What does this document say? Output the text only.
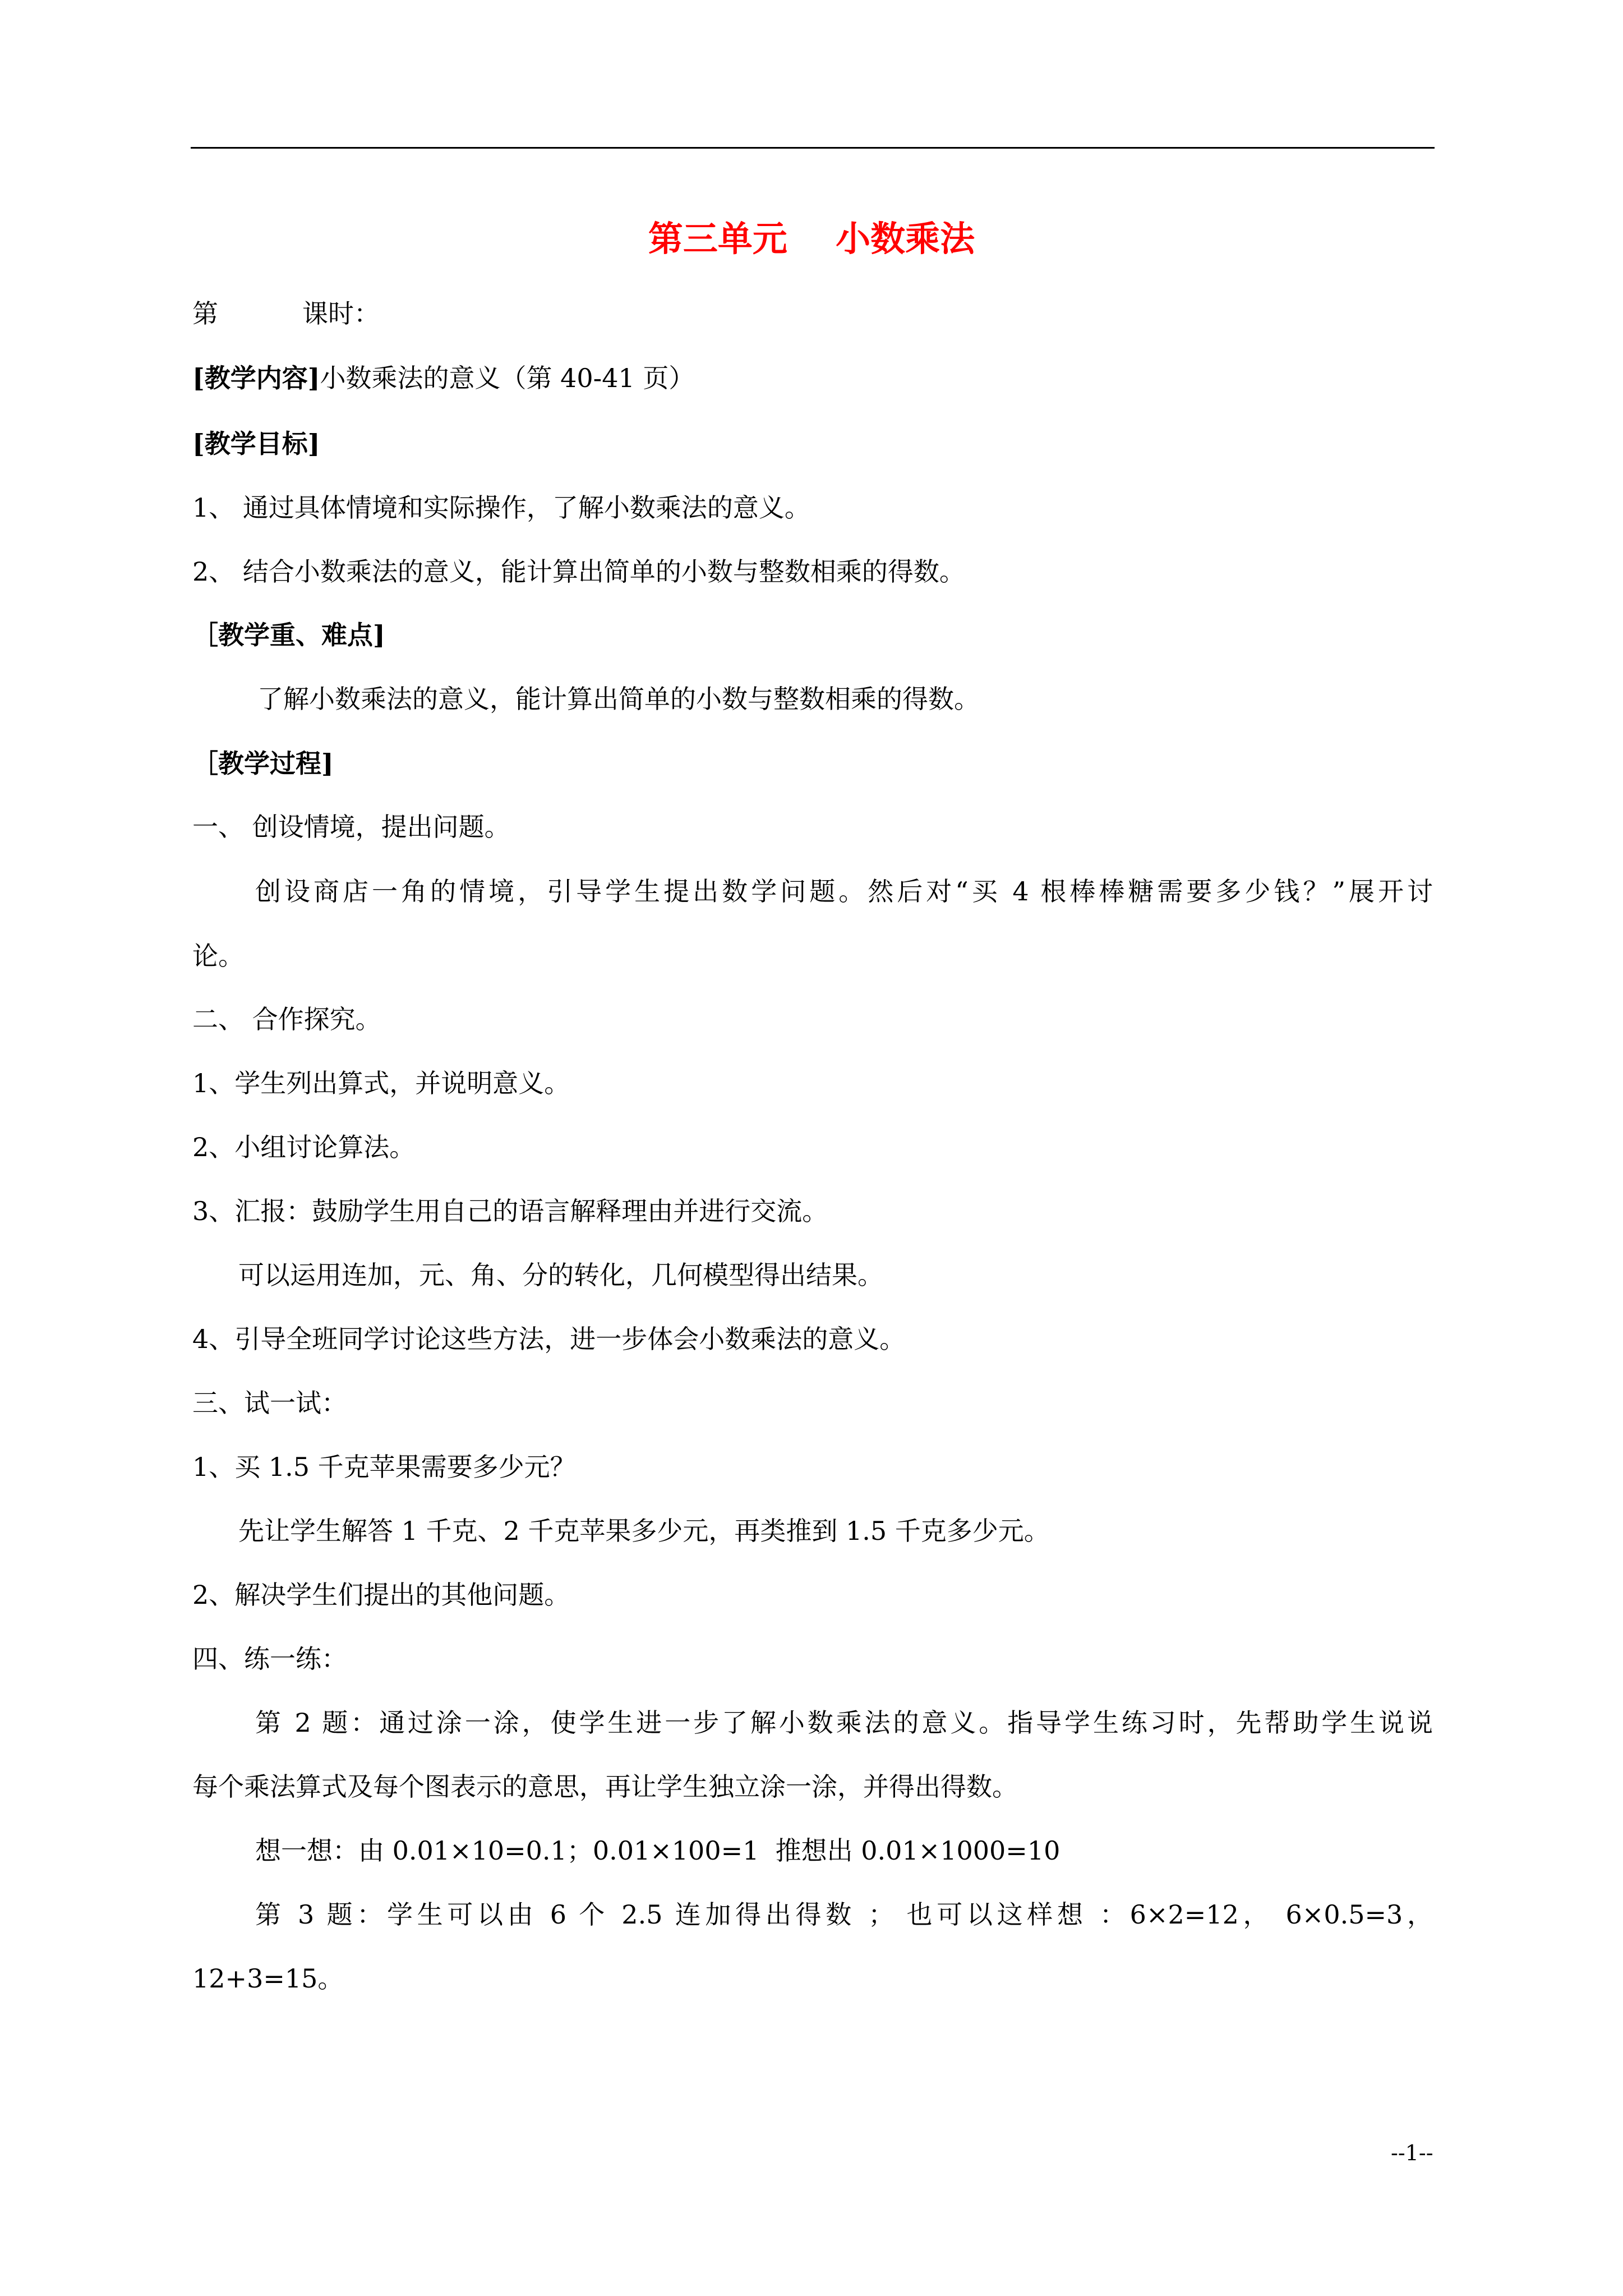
第三单元    小数乘法
第	课时：
[教学内容]小数乘法的意义（第 40-41 页）
[教学目标]
1、 通过具体情境和实际操作，了解小数乘法的意义。
2、 结合小数乘法的意义，能计算出简单的小数与整数相乘的得数。
［教学重、难点]
了解小数乘法的意义，能计算出简单的小数与整数相乘的得数。
［教学过程]
一、 创设情境，提出问题。
创设商店一角的情境，引导学生提出数学问题。然后对“买 4 根棒棒糖需要多少钱？”展开讨
论。
二、 合作探究。
1、学生列出算式，并说明意义。
2、小组讨论算法。
3、汇报：鼓励学生用自己的语言解释理由并进行交流。
可以运用连加，元、角、分的转化，几何模型得出结果。
4、引导全班同学讨论这些方法，进一步体会小数乘法的意义。
三、试一试：
1、买 1.5 千克苹果需要多少元？
先让学生解答 1 千克、2 千克苹果多少元，再类推到 1.5 千克多少元。
2、解决学生们提出的其他问题。
四、练一练：
第 2 题：通过涂一涂，使学生进一步了解小数乘法的意义。指导学生练习时，先帮助学生说说
每个乘法算式及每个图表示的意思，再让学生独立涂一涂，并得出得数。
想一想：由 0.01×10=0.1；0.01×100=1  推想出 0.01×1000=10
第 3 题：学生可以由 6 个 2.5 连加得出得数 ； 也可以这样想 ：6×2=12， 6×0.5=3，
12+3=15。
--1--
